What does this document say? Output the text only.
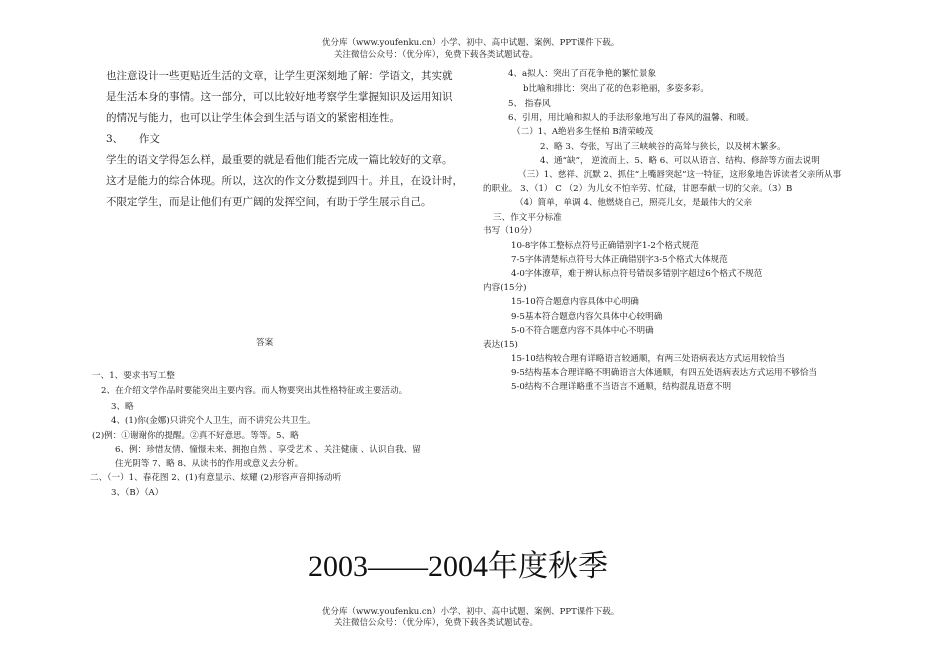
优分库（www.youfenku.cn）小学、初中、高中试题、案例、PPT课件下载。
关注微信公众号：（优分库），免费下载各类试题试卷。
也注意设计一些更贴近生活的文章，让学生更深刻地了解：学语文，其实就
是生活本身的事情。这一部分，可以比较好地考察学生掌握知识及运用知识
的情况与能力，也可以让学生体会到生活与语文的紧密相连性。
3、　　作文
学生的语文学得怎么样，最重要的就是看他们能否完成一篇比较好的文章。
这才是能力的综合体现。所以，这次的作文分数提到四十。并且，在设计时，
不限定学生，而是让他们有更广阔的发挥空间，有助于学生展示自己。
答案
一、1、要求书写工整
2、在介绍文学作品时要能突出主要内容。而人物要突出其性格特征或主要活动。
3、略
4、(1)你(金娜)只讲究个人卫生，而不讲究公共卫生。
(2)例：①谢谢你的提醒。②真不好意思。等等。5、略
6、例：珍惜友情、憧憬未来、拥抱自然 、享受艺术 、关注健康 、认识自我、留
住光阴等 7、略 8、从读书的作用或意义去分析。
二、（一）1、春花图 2、(1)有意显示、炫耀 (2)形容声音抑扬动听
3、（B）（A）
4、a拟人：突出了百花争艳的繁忙景象
b比喻和排比：突出了花的色彩艳丽，多姿多彩。
5、 指春风
6、引用，用比喻和拟人的手法形象地写出了春风的温馨、和暖。
（二）1、A绝岩多生怪柏 B清荣峻茂
2、略 3、夸张，写出了三峡峡谷的高耸与狭长，以及树木繁多。
4、通“缺”， 逆流而上、5、略 6、可以从语言、结构、修辞等方面去说明
（三）1、慈祥、沉默 2、抓住“上嘴唇突起”这一特征，这形象地告诉读者父亲所从事
的职业。 3、（1） C （2）为儿女不怕辛劳、忙碌，甘愿奉献一切的父亲。（3）B
（4）简单，单调 4、他燃烧自己，照亮儿女，是最伟大的父亲
三、作文平分标准
书写（10分）
10-8字体工整标点符号正确错别字1-2个格式规范
7-5字体清楚标点符号大体正确错别字3-5个格式大体规范
4-0字体潦草，难于辨认标点符号错误多错别字超过6个格式不规范
内容(15分)
15-10符合题意内容具体中心明确
9-5基本符合题意内容欠具体中心较明确
5-0不符合题意内容不具体中心不明确
表达(15)
15-10结构较合理有详略语言较通顺，有两三处语病表达方式运用较恰当
9-5结构基本合理详略不明确语言大体通顺，有四五处语病表达方式运用不够恰当
5-0结构不合理详略重不当语言不通顺，结构混乱语意不明
2003——2004年度秋季
优分库（www.youfenku.cn）小学、初中、高中试题、案例、PPT课件下载。
关注微信公众号：（优分库），免费下载各类试题试卷。
